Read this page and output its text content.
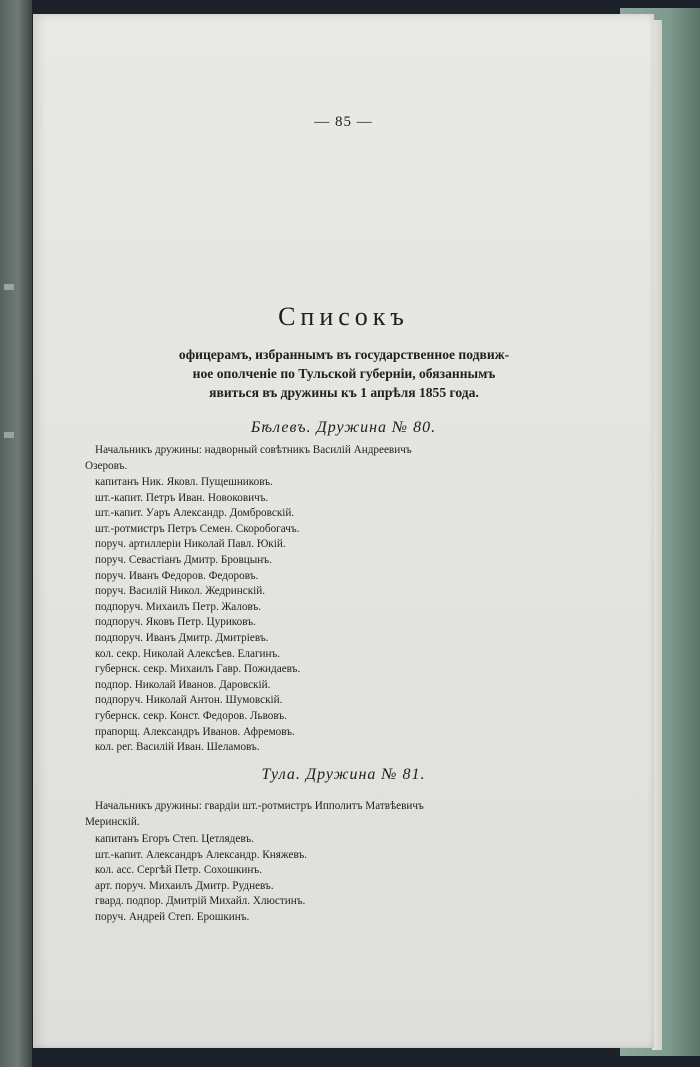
— 85 —
Списокъ

офицерамъ, избраннымъ въ государственное подвиж-
ное ополченіе по Тульской губерніи, обязаннымъ
явиться въ дружины къ 1 апрѣля 1855 года.

Бѣлевъ. Дружина № 80.
Начальникъ дружины: надворный совѣтникъ Василій Андреевичъ
Озеровъ.
капитанъ Ник. Яковл. Пущешниковъ.
шт.-капит. Петръ Иван. Новоковичъ.
шт.-капит. Уаръ Александр. Домбровскій.
шт.-ротмистръ Петръ Семен. Скоробогачъ.
поруч. артиллеріи Николай Павл. Юкій.
поруч. Севастіанъ Дмитр. Бровцынъ.
поруч. Иванъ Федоров. Федоровъ.
поруч. Василій Никол. Жедринскій.
подпоруч. Михаилъ Петр. Жаловъ.
подпоруч. Яковъ Петр. Цуриковъ.
подпоруч. Иванъ Дмитр. Дмитріевъ.
кол. секр. Николай Алексѣев. Елагинъ.
губернск. секр. Михаилъ Гавр. Пожидаевъ.
подпор. Николай Иванов. Даровскій.
подпоруч. Николай Антон. Шумовскій.
губернск. секр. Конст. Федоров. Львовъ.
прапорщ. Александръ Иванов. Афремовъ.
кол. рег. Василій Иван. Шеламовъ.
Тула. Дружина № 81.
Начальникъ дружины: гвардіи шт.-ротмистръ Ипполитъ Матвѣевичъ
Меринскій.
капитанъ Егоръ Степ. Цетлядевъ.
шт.-капит. Александръ Александр. Княжевъ.
кол. асс. Сергѣй Петр. Сохошкинъ.
арт. поруч. Михаилъ Дмитр. Рудневъ.
гвард. подпор. Дмитрій Михайл. Хлюстинъ.
поруч. Андрей Степ. Ерошкинъ.
